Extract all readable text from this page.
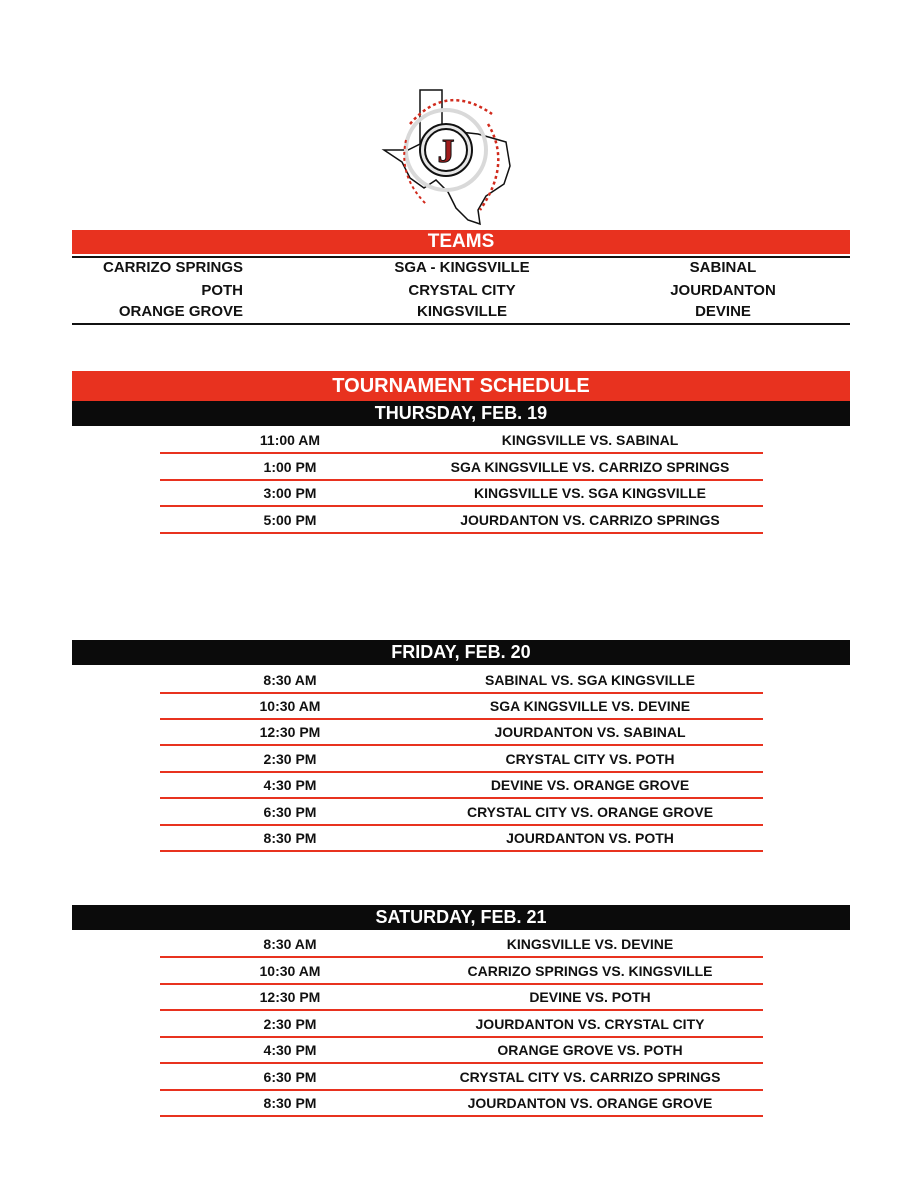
J
TEAMS
CARRIZO SPRINGS	SGA - KINGSVILLE	SABINAL
POTH	CRYSTAL CITY	JOURDANTON
ORANGE GROVE	KINGSVILLE	DEVINE
TOURNAMENT SCHEDULE
THURSDAY, FEB. 19
11:00 AM	KINGSVILLE VS. SABINAL
1:00 PM	SGA KINGSVILLE VS. CARRIZO SPRINGS
3:00 PM	KINGSVILLE VS. SGA KINGSVILLE
5:00 PM	JOURDANTON VS. CARRIZO SPRINGS
FRIDAY, FEB. 20
8:30 AM	SABINAL VS. SGA KINGSVILLE
10:30 AM	SGA KINGSVILLE VS. DEVINE
12:30 PM	JOURDANTON VS. SABINAL
2:30 PM	CRYSTAL CITY VS. POTH
4:30 PM	DEVINE VS. ORANGE GROVE
6:30 PM	CRYSTAL CITY VS. ORANGE GROVE
8:30 PM	JOURDANTON VS. POTH
SATURDAY, FEB. 21
8:30 AM	KINGSVILLE VS. DEVINE
10:30 AM	CARRIZO SPRINGS VS. KINGSVILLE
12:30 PM	DEVINE VS. POTH
2:30 PM	JOURDANTON VS. CRYSTAL CITY
4:30 PM	ORANGE GROVE VS. POTH
6:30 PM	CRYSTAL CITY VS. CARRIZO SPRINGS
8:30 PM	JOURDANTON VS. ORANGE GROVE
